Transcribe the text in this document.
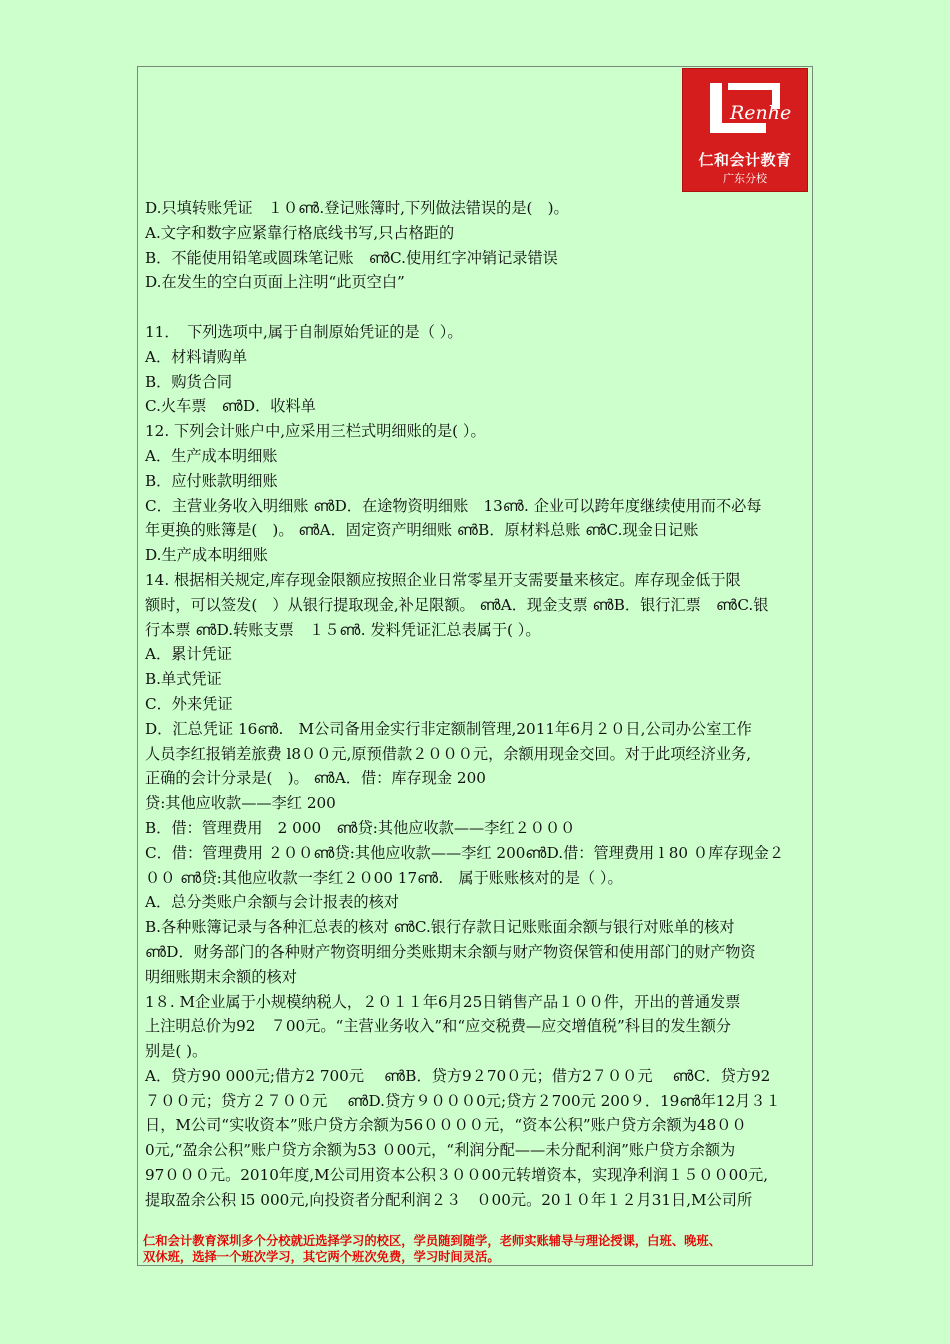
Renhe
仁和会计教育
广东分校

D.只填转账凭证　１０ൺ.登记账簿时,下列做法错误的是(　)。

A.文字和数字应紧靠行格底线书写,只占格距的

B．不能使用铅笔或圆珠笔记账　ൺC.使用红字冲销记录错误

D.在发生的空白页面上注明“此页空白”

11．　下列选项中,属于自制原始凭证的是（ ）。

A．材料请购单

B．购货合同

C.火车票　ൺD．收料单

12. 下列会计账户中,应采用三栏式明细账的是( ）。

A．生产成本明细账

B．应付账款明细账

C．主营业务收入明细账 ൺD．在途物资明细账　13ൺ. 企业可以跨年度继续使用而不必每

年更换的账簿是(　)。 ൺA．固定资产明细账 ൺB．原材料总账 ൺC.现金日记账

D.生产成本明细账

14. 根据相关规定,库存现金限额应按照企业日常零星开支需要量来核定。库存现金低于限

额时，可以签发(　）从银行提取现金,补足限额。 ൺA．现金支票 ൺB．银行汇票　ൺC.银

行本票 ൺD.转账支票　１５ൺ. 发料凭证汇总表属于( ）。

A．累计凭证

B.单式凭证

C．外来凭证

D．汇总凭证 16ൺ.　M公司备用金实行非定额制管理,2011年6月２０日,公司办公室工作

人员李红报销差旅费 l8００元,原预借款２０００元，余额用现金交回。对于此项经济业务,

正确的会计分录是(　)。 ൺA．借：库存现金 200

贷:其他应收款——李红 200

B．借：管理费用　2 000　ൺ贷:其他应收款——李红２０００

C．借：管理费用 ２００ൺ贷:其他应收款——李红 200ൺD.借：管理费用 l 80 ０库存现金２

００ ൺ贷:其他应收款一李红２０00 17ൺ.　属于账账核对的是（ ）。

A．总分类账户余额与会计报表的核对

B.各种账簿记录与各种汇总表的核对 ൺC.银行存款日记账账面余额与银行对账单的核对

ൺD．财务部门的各种财产物资明细分类账期末余额与财产物资保管和使用部门的财产物资

明细账期末余额的核对

1８. M企业属于小规模纳税人，２０１１年6月25日销售产品１００件，开出的普通发票

上注明总价为92　７00元。“主营业务收入”和“应交税费—应交增值税”科目的发生额分

别是( )。

A．贷方90 000元;借方2 700元　 ൺB．贷方9２70０元；借方2７００元　 ൺC．贷方92

７００元；贷方２７００元　 ൺD.贷方９０００0元;贷方２700元 200９．19ൺ年12月３１

日，M公司“实收资本”账户贷方余额为56００００元，“资本公积”账户贷方余额为48００

0元,“盈余公积”账户贷方余额为53 ０00元，“利润分配——未分配利润”账户贷方余额为

97０００元。2010年度,M公司用资本公积３００00元转增资本，实现净利润１５００00元,

提取盈余公积 l5 000元,向投资者分配利润２３　０00元。20１０年１２月31日,M公司所

仁和会计教育深圳多个分校就近选择学习的校区，学员随到随学，老师实账辅导与理论授课，白班、晚班、

双休班，选择一个班次学习，其它两个班次免费，学习时间灵活。
